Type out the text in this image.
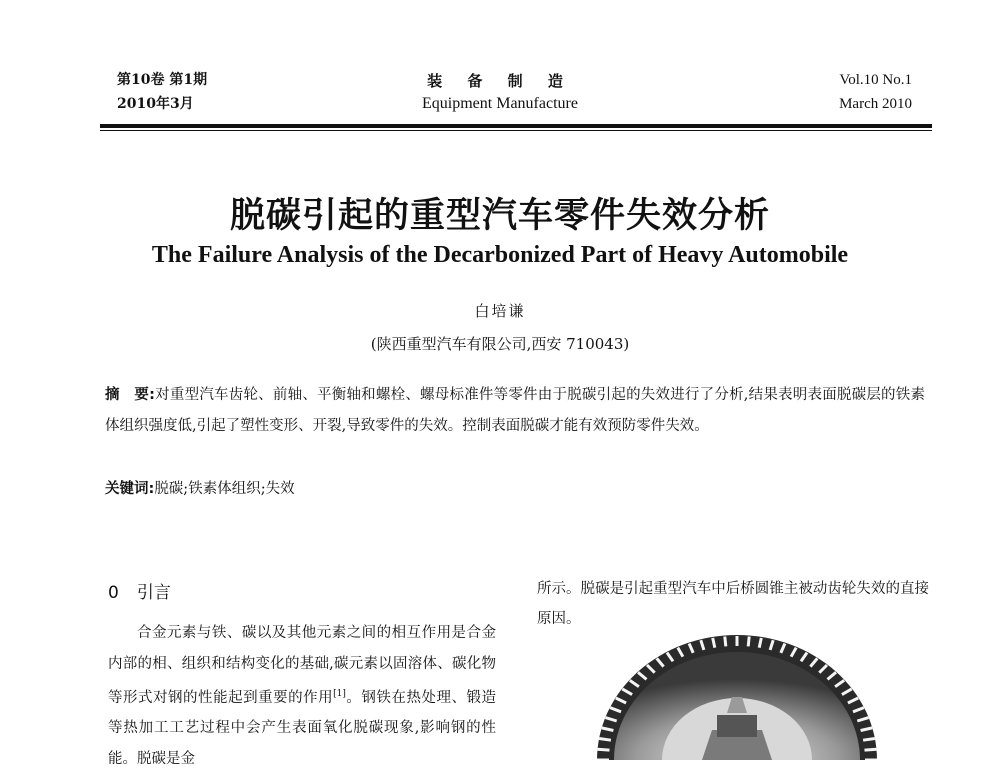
第10卷 第1期
2010年3月
装 备 制 造
Equipment Manufacture
Vol.10 No.1
March 2010
脱碳引起的重型汽车零件失效分析
The Failure Analysis of the Decarbonized Part of Heavy Automobile
白培谦
(陕西重型汽车有限公司,西安 710043)
摘　要:对重型汽车齿轮、前轴、平衡轴和螺栓、螺母标准件等零件由于脱碳引起的失效进行了分析,结果表明表面脱碳层的铁素体组织强度低,引起了塑性变形、开裂,导致零件的失效。控制表面脱碳才能有效预防零件失效。
关键词:脱碳;铁素体组织;失效
0 引言
合金元素与铁、碳以及其他元素之间的相互作用是合金内部的相、组织和结构变化的基础,碳元素以固溶体、碳化物等形式对钢的性能起到重要的作用[1]。钢铁在热处理、锻造等热加工工艺过程中会产生表面氧化脱碳现象,影响钢的性能。脱碳是金
所示。脱碳是引起重型汽车中后桥圆锥主被动齿轮失效的直接原因。
